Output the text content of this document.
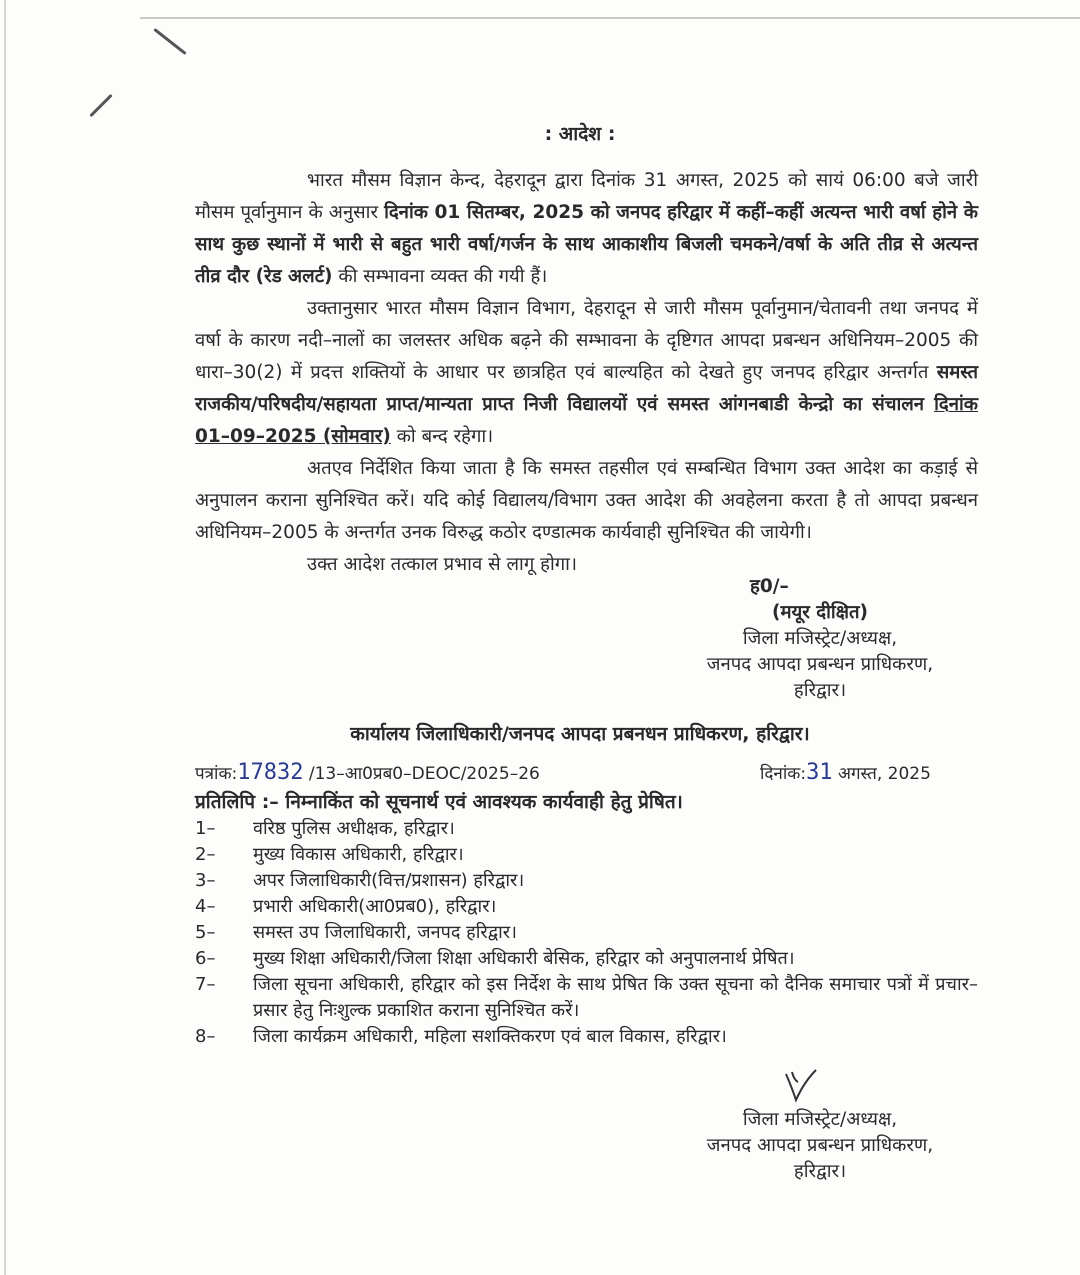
: आदेश :

भारत मौसम विज्ञान केन्द, देहरादून द्वारा दिनांक 31 अगस्त, 2025 को सायं 06:00 बजे जारी मौसम पूर्वानुमान के अनुसार दिनांक 01 सितम्बर, 2025 को जनपद हरिद्वार में कहीं–कहीं अत्यन्त भारी वर्षा होने के साथ कुछ स्थानों में भारी से बहुत भारी वर्षा/गर्जन के साथ आकाशीय बिजली चमकने/वर्षा के अति तीव्र से अत्यन्त तीव्र दौर (रेड अलर्ट) की सम्भावना व्यक्त की गयी हैं।

उक्तानुसार भारत मौसम विज्ञान विभाग, देहरादून से जारी मौसम पूर्वानुमान/चेतावनी तथा जनपद में वर्षा के कारण नदी–नालों का जलस्तर अधिक बढ़ने की सम्भावना के दृष्टिगत आपदा प्रबन्धन अधिनियम–2005 की धारा–30(2) में प्रदत्त शक्तियों के आधार पर छात्रहित एवं बाल्यहित को देखते हुए जनपद हरिद्वार अन्तर्गत समस्त राजकीय/परिषदीय/सहायता प्राप्त/मान्यता प्राप्त निजी विद्यालयों एवं समस्त आंगनबाडी केन्द्रो का संचालन दिनांक 01–09–2025 (सोमवार) को बन्द रहेगा।

अतएव निर्देशित किया जाता है कि समस्त तहसील एवं सम्बन्धित विभाग उक्त आदेश का कड़ाई से अनुपालन कराना सुनिश्चित करें। यदि कोई विद्यालय/विभाग उक्त आदेश की अवहेलना करता है तो आपदा प्रबन्धन अधिनियम–2005 के अन्तर्गत उनक विरुद्ध कठोर दण्डात्मक कार्यवाही सुनिश्चित की जायेगी।

उक्त आदेश तत्काल प्रभाव से लागू होगा।

ह0/–
(मयूर दीक्षित)
जिला मजिस्ट्रेट/अध्यक्ष,
जनपद आपदा प्रबन्धन प्राधिकरण,
हरिद्वार।
कार्यालय जिलाधिकारी/जनपद आपदा प्रबनधन प्राधिकरण, हरिद्वार।
पत्रांक:17832 /13–आ0प्रब0–DEOC/2025–26	दिनांक:31 अगस्त, 2025
प्रतिलिपि :– निम्नाकिंत को सूचनार्थ एवं आवश्यक कार्यवाही हेतु प्रेषित।
1–	वरिष्ठ पुलिस अधीक्षक, हरिद्वार।
2–	मुख्य विकास अधिकारी, हरिद्वार।
3–	अपर जिलाधिकारी(वित्त/प्रशासन) हरिद्वार।
4–	प्रभारी अधिकारी(आ0प्रब0), हरिद्वार।
5–	समस्त उप जिलाधिकारी, जनपद हरिद्वार।
6–	मुख्य शिक्षा अधिकारी/जिला शिक्षा अधिकारी बेसिक, हरिद्वार को अनुपालनार्थ प्रेषित।
7–	जिला सूचना अधिकारी, हरिद्वार को इस निर्देश के साथ प्रेषित कि उक्त सूचना को दैनिक समाचार पत्रों में प्रचार–प्रसार हेतु निःशुल्क प्रकाशित कराना सुनिश्चित करें।
8–	जिला कार्यक्रम अधिकारी, महिला सशक्तिकरण एवं बाल विकास, हरिद्वार।
जिला मजिस्ट्रेट/अध्यक्ष,
जनपद आपदा प्रबन्धन प्राधिकरण,
हरिद्वार।
